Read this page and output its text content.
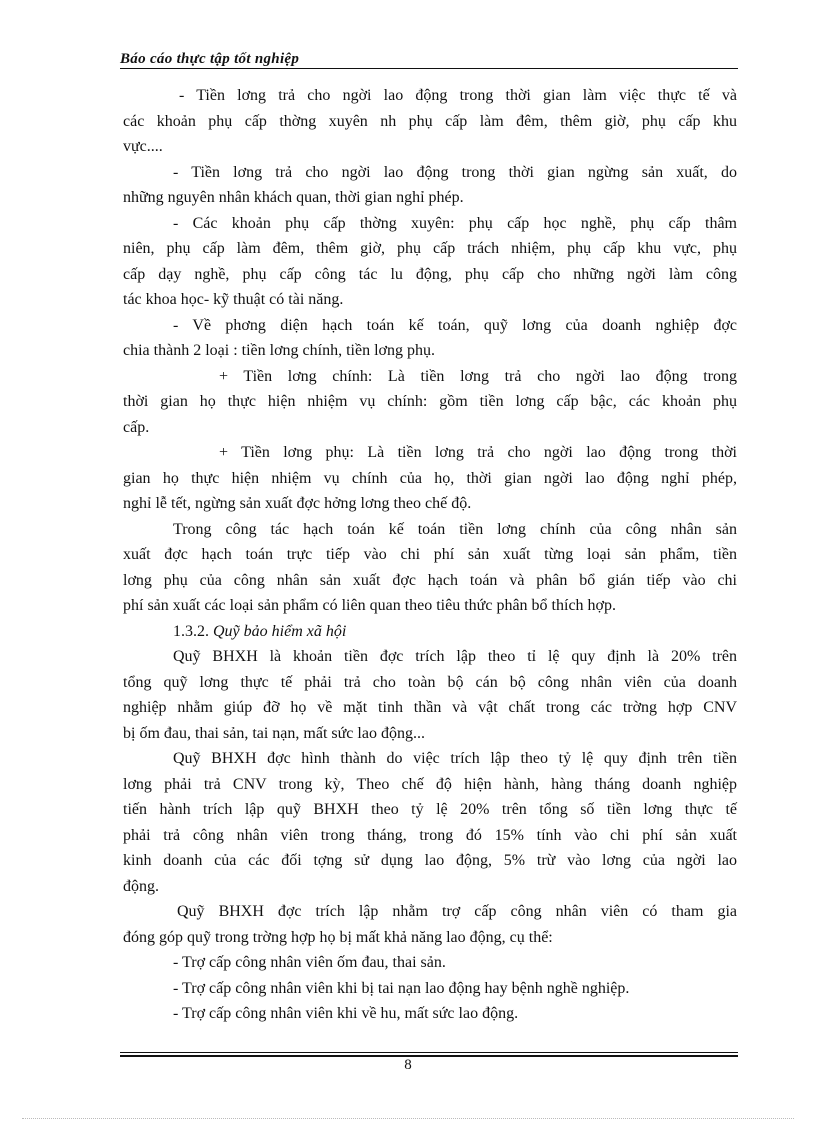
Báo cáo thực tập tốt nghiệp
- Tiền lơng trả cho ngời lao động trong thời gian làm việc thực tế và
các khoản phụ cấp thờng xuyên nh phụ cấp làm đêm, thêm giờ, phụ cấp khu
vực....
- Tiền lơng trả cho ngời lao động trong thời gian ngừng sản xuất, do
những nguyên nhân khách quan, thời gian nghỉ phép.
- Các khoản phụ cấp thờng xuyên: phụ cấp học nghề, phụ cấp thâm
niên, phụ cấp làm đêm, thêm giờ, phụ cấp trách nhiệm, phụ cấp khu vực, phụ
cấp dạy nghề, phụ cấp công tác lu động, phụ cấp cho những ngời làm công
tác khoa học- kỹ thuật có tài năng.
- Về phơng diện hạch toán kế toán, quỹ lơng của doanh nghiệp đợc
chia thành 2 loại : tiền lơng chính, tiền lơng phụ.
+ Tiền lơng chính: Là tiền lơng trả cho ngời lao động trong
thời gian họ thực hiện nhiệm vụ chính: gồm tiền lơng cấp bậc, các khoản phụ
cấp.
+ Tiền lơng phụ: Là tiền lơng trả cho ngời lao động trong thời
gian họ thực hiện nhiệm vụ chính của họ, thời gian ngời lao động nghỉ phép,
nghỉ lễ tết, ngừng sản xuất đợc hởng lơng theo chế độ.
Trong công tác hạch toán kế toán tiền lơng chính của công nhân sản
xuất đợc hạch toán trực tiếp vào chi phí sản xuất từng loại sản phẩm, tiền
lơng phụ của công nhân sản xuất đợc hạch toán và phân bổ gián tiếp vào chi
phí sản xuất các loại sản phẩm có liên quan theo tiêu thức phân bổ thích hợp.
1.3.2. Quỹ bảo hiểm xã hội
Quỹ BHXH là khoản tiền đợc trích lập theo tỉ lệ quy định là 20% trên
tổng quỹ lơng thực tế phải trả cho toàn bộ cán bộ công nhân viên của doanh
nghiệp nhằm giúp đỡ họ về mặt tinh thần và vật chất trong các trờng hợp CNV
bị ốm đau, thai sản, tai nạn, mất sức lao động...
Quỹ BHXH đợc hình thành do việc trích lập theo tỷ lệ quy định trên tiền
lơng phải trả CNV trong kỳ, Theo chế độ hiện hành, hàng tháng doanh nghiệp
tiến hành trích lập quỹ BHXH theo tỷ lệ 20% trên tổng số tiền lơng thực tế
phải trả công nhân viên trong tháng, trong đó 15% tính vào chi phí sản xuất
kinh doanh của các đối tợng sử dụng lao động, 5% trừ vào lơng của ngời lao
động.
Quỹ BHXH đợc trích lập nhằm trợ cấp công nhân viên có tham gia
đóng góp quỹ trong trờng hợp họ bị mất khả năng lao động, cụ thể:
- Trợ cấp công nhân viên ốm đau, thai sản.
- Trợ cấp công nhân viên khi bị tai nạn lao động hay bệnh nghề nghiệp.
- Trợ cấp công nhân viên khi về hu, mất sức lao động.
8
